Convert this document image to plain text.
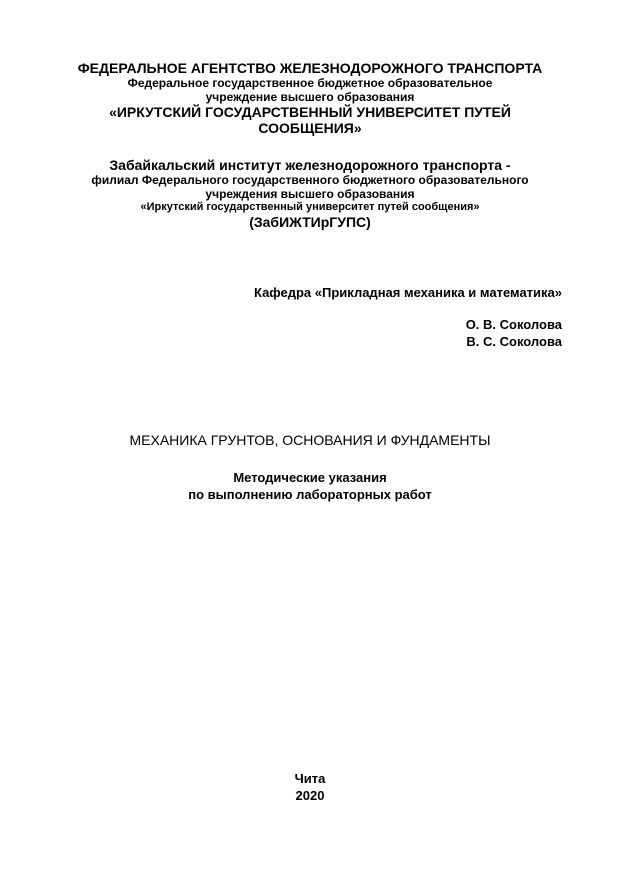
ФЕДЕРАЛЬНОЕ АГЕНТСТВО ЖЕЛЕЗНОДОРОЖНОГО ТРАНСПОРТА
Федеральное государственное бюджетное образовательное
учреждение высшего образования
«ИРКУТСКИЙ ГОСУДАРСТВЕННЫЙ УНИВЕРСИТЕТ ПУТЕЙ
СООБЩЕНИЯ»
Забайкальский институт железнодорожного транспорта -
филиал Федерального государственного бюджетного образовательного
учреждения высшего образования
«Иркутский государственный университет путей сообщения»
(ЗабИЖТИрГУПС)
Кафедра «Прикладная механика и математика»
О. В. Соколова
В. С. Соколова
МЕХАНИКА ГРУНТОВ, ОСНОВАНИЯ И ФУНДАМЕНТЫ
Методические указания
по выполнению лабораторных работ
Чита
2020
